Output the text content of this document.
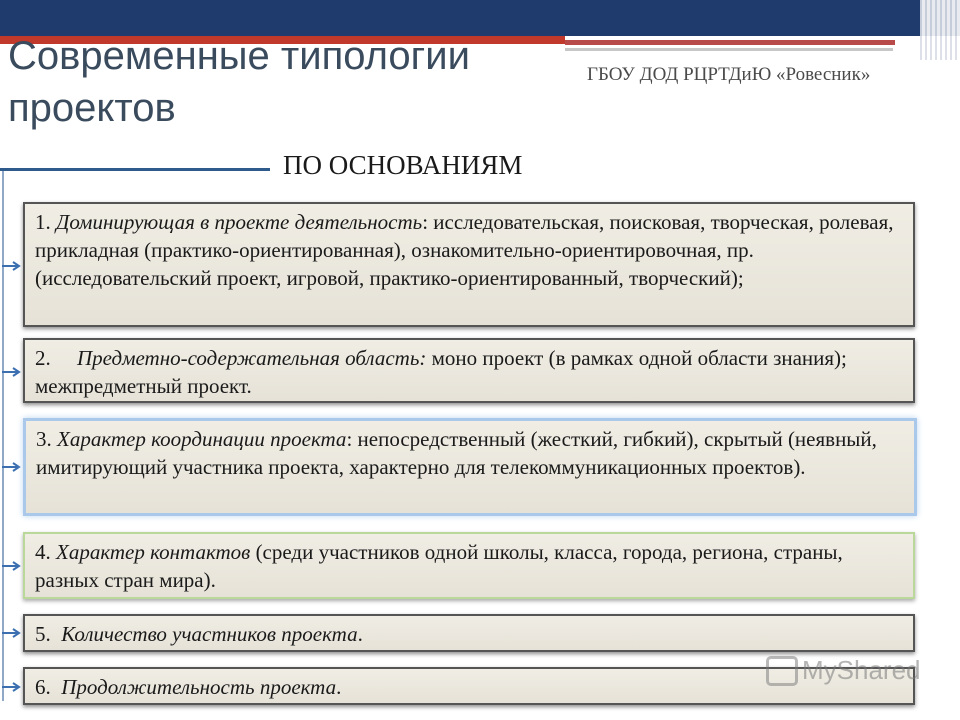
Современные типологии проектов
ГБОУ ДОД РЦРТДиЮ «Ровесник»
ПО ОСНОВАНИЯМ
1. Доминирующая в проекте деятельность: исследовательская, поисковая, творческая, ролевая, прикладная (практико-ориентированная), ознакомительно-ориентировочная, пр. (исследовательский проект, игровой, практико-ориентированный, творческий);
2. Предметно-содержательная область: моно проект (в рамках одной области знания); межпредметный проект.
3. Характер координации проекта: непосредственный (жесткий, гибкий), скрытый (неявный, имитирующий участника проекта, характерно для телекоммуникационных проектов).
4. Характер контактов (среди участников одной школы, класса, города, региона, страны, разных стран мира).
5. Количество участников проекта.
6. Продолжительность проекта.
MyShared
